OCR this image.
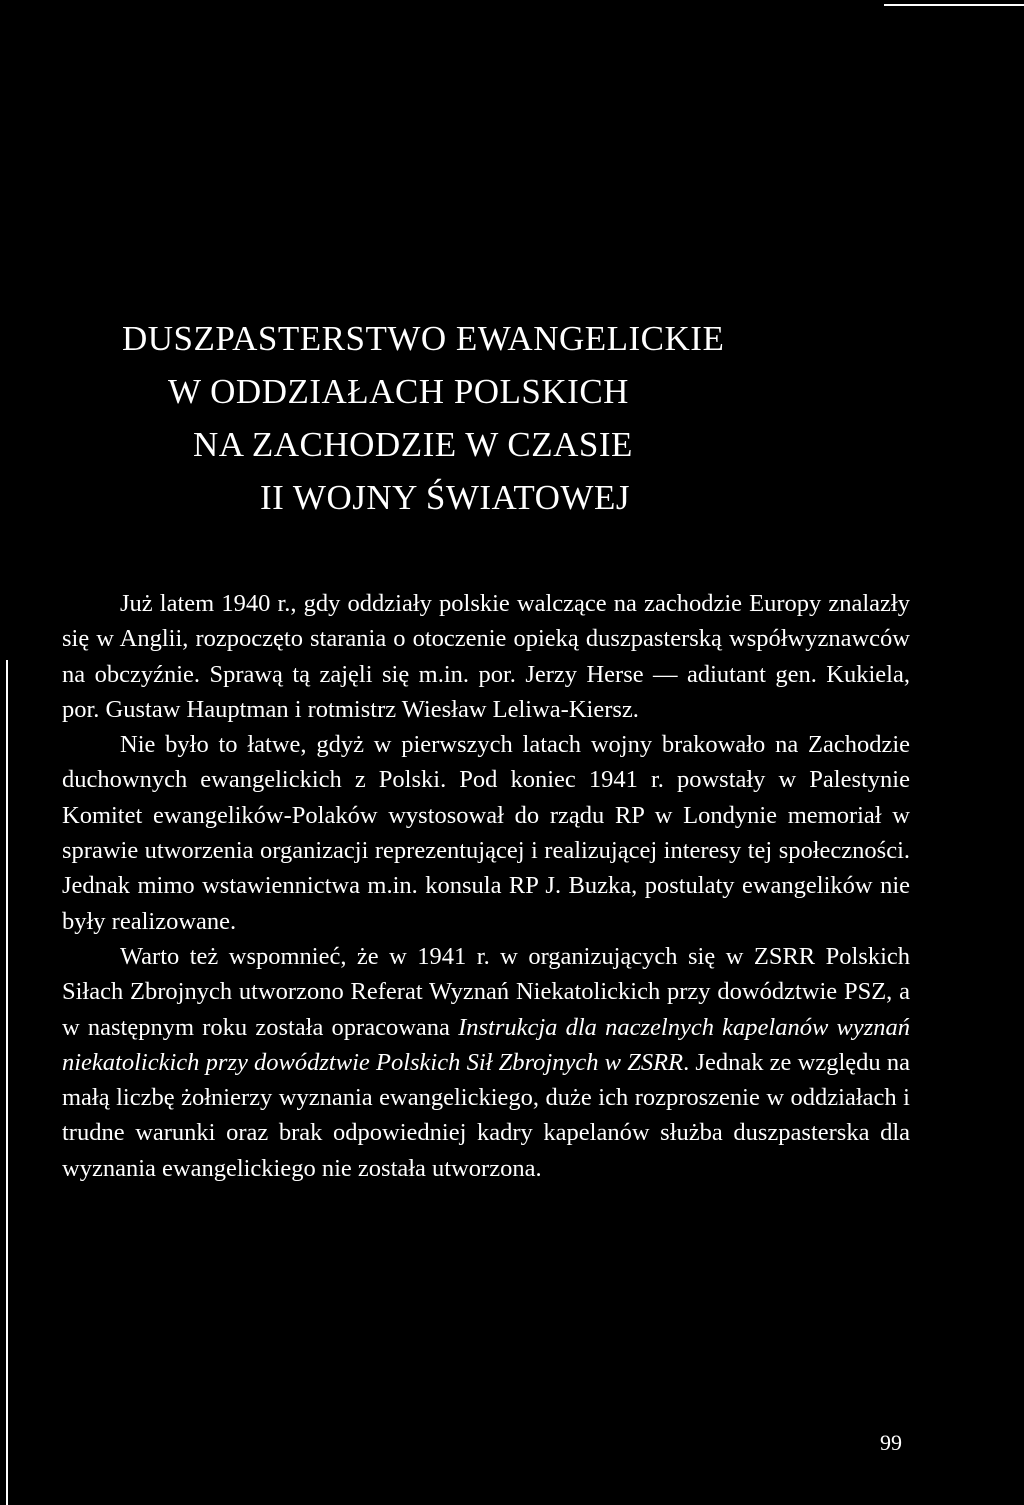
DUSZPASTERSTWO EWANGELICKIE
W ODDZIAŁACH POLSKICH
NA ZACHODZIE W CZASIE
II WOJNY ŚWIATOWEJ

Już latem 1940 r., gdy oddziały polskie walczące na zachodzie Europy znalazły się w Anglii, rozpoczęto starania o otoczenie opieką duszpasterską współwyznawców na obczyźnie. Sprawą tą zajęli się m.in. por. Jerzy Herse — adiutant gen. Kukiela, por. Gustaw Hauptman i rotmistrz Wiesław Leliwa-Kiersz.

Nie było to łatwe, gdyż w pierwszych latach wojny brakowało na Zachodzie duchownych ewangelickich z Polski. Pod koniec 1941 r. powstały w Palestynie Komitet ewangelików-Polaków wystosował do rządu RP w Londynie memoriał w sprawie utworzenia organizacji reprezentującej i realizującej interesy tej społeczności. Jednak mimo wstawiennictwa m.in. konsula RP J. Buzka, postulaty ewangelików nie były realizowane.

Warto też wspomnieć, że w 1941 r. w organizujących się w ZSRR Polskich Siłach Zbrojnych utworzono Referat Wyznań Niekatolickich przy dowództwie PSZ, a w następnym roku została opracowana Instrukcja dla naczelnych kapelanów wyznań niekatolickich przy dowództwie Polskich Sił Zbrojnych w ZSRR. Jednak ze względu na małą liczbę żołnierzy wyznania ewangelickiego, duże ich rozproszenie w oddziałach i trudne warunki oraz brak odpowiedniej kadry kapelanów służba duszpasterska dla wyznania ewangelickiego nie została utworzona.

99
